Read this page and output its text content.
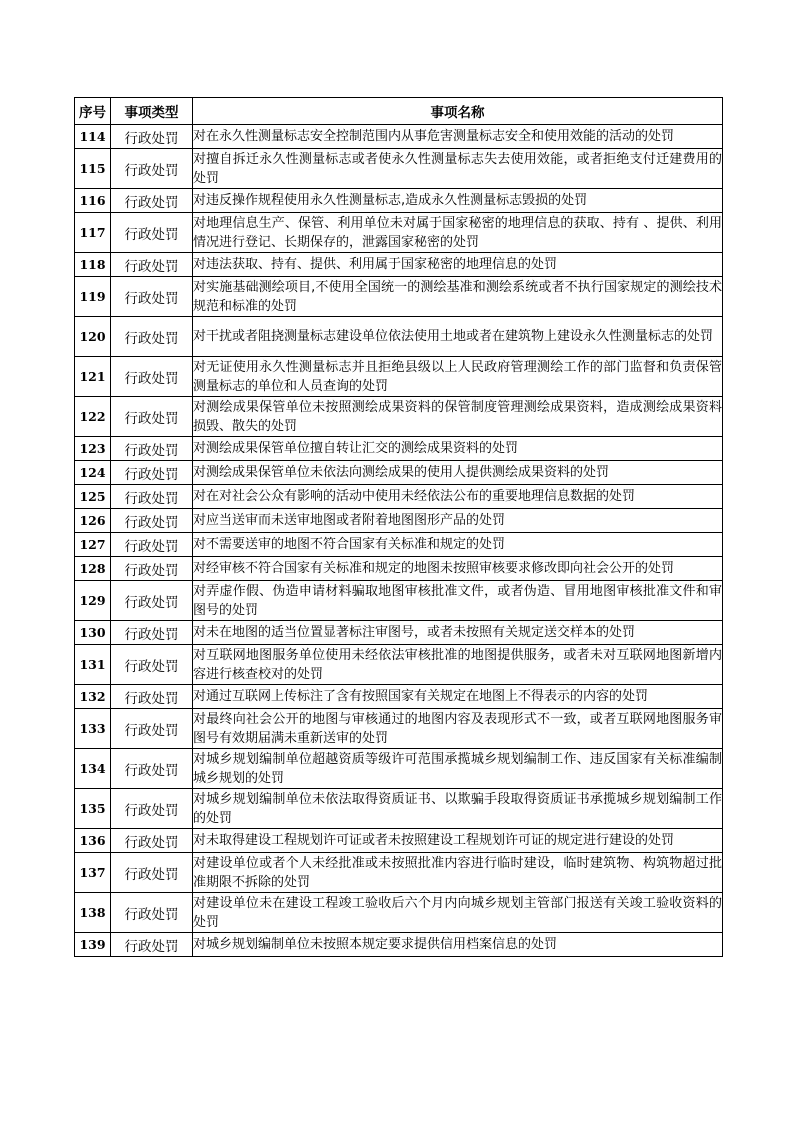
序号	事项类型	事项名称
114	行政处罚	对在永久性测量标志安全控制范围内从事危害测量标志安全和使用效能的活动的处罚
115	行政处罚	对擅自拆迁永久性测量标志或者使永久性测量标志失去使用效能，或者拒绝支付迁建费用的处罚
116	行政处罚	对违反操作规程使用永久性测量标志,造成永久性测量标志毁损的处罚
117	行政处罚	对地理信息生产、保管、利用单位未对属于国家秘密的地理信息的获取、持有 、提供、利用情况进行登记、长期保存的，泄露国家秘密的处罚
118	行政处罚	对违法获取、持有、提供、利用属于国家秘密的地理信息的处罚
119	行政处罚	对实施基础测绘项目,不使用全国统一的测绘基准和测绘系统或者不执行国家规定的测绘技术规范和标准的处罚
120	行政处罚	对干扰或者阻挠测量标志建设单位依法使用土地或者在建筑物上建设永久性测量标志的处罚
121	行政处罚	对无证使用永久性测量标志并且拒绝县级以上人民政府管理测绘工作的部门监督和负责保管测量标志的单位和人员查询的处罚
122	行政处罚	对测绘成果保管单位未按照测绘成果资料的保管制度管理测绘成果资料，造成测绘成果资料损毁、散失的处罚
123	行政处罚	对测绘成果保管单位擅自转让汇交的测绘成果资料的处罚
124	行政处罚	对测绘成果保管单位未依法向测绘成果的使用人提供测绘成果资料的处罚
125	行政处罚	对在对社会公众有影响的活动中使用未经依法公布的重要地理信息数据的处罚
126	行政处罚	对应当送审而未送审地图或者附着地图图形产品的处罚
127	行政处罚	对不需要送审的地图不符合国家有关标准和规定的处罚
128	行政处罚	对经审核不符合国家有关标准和规定的地图未按照审核要求修改即向社会公开的处罚
129	行政处罚	对弄虚作假、伪造申请材料骗取地图审核批准文件，或者伪造、冒用地图审核批准文件和审图号的处罚
130	行政处罚	对未在地图的适当位置显著标注审图号，或者未按照有关规定送交样本的处罚
131	行政处罚	对互联网地图服务单位使用未经依法审核批准的地图提供服务，或者未对互联网地图新增内容进行核查校对的处罚
132	行政处罚	对通过互联网上传标注了含有按照国家有关规定在地图上不得表示的内容的处罚
133	行政处罚	对最终向社会公开的地图与审核通过的地图内容及表现形式不一致，或者互联网地图服务审图号有效期届满未重新送审的处罚
134	行政处罚	对城乡规划编制单位超越资质等级许可范围承揽城乡规划编制工作、违反国家有关标准编制城乡规划的处罚
135	行政处罚	对城乡规划编制单位未依法取得资质证书、以欺骗手段取得资质证书承揽城乡规划编制工作的处罚
136	行政处罚	对未取得建设工程规划许可证或者未按照建设工程规划许可证的规定进行建设的处罚
137	行政处罚	对建设单位或者个人未经批准或未按照批准内容进行临时建设，临时建筑物、构筑物超过批准期限不拆除的处罚
138	行政处罚	对建设单位未在建设工程竣工验收后六个月内向城乡规划主管部门报送有关竣工验收资料的处罚
139	行政处罚	对城乡规划编制单位未按照本规定要求提供信用档案信息的处罚
